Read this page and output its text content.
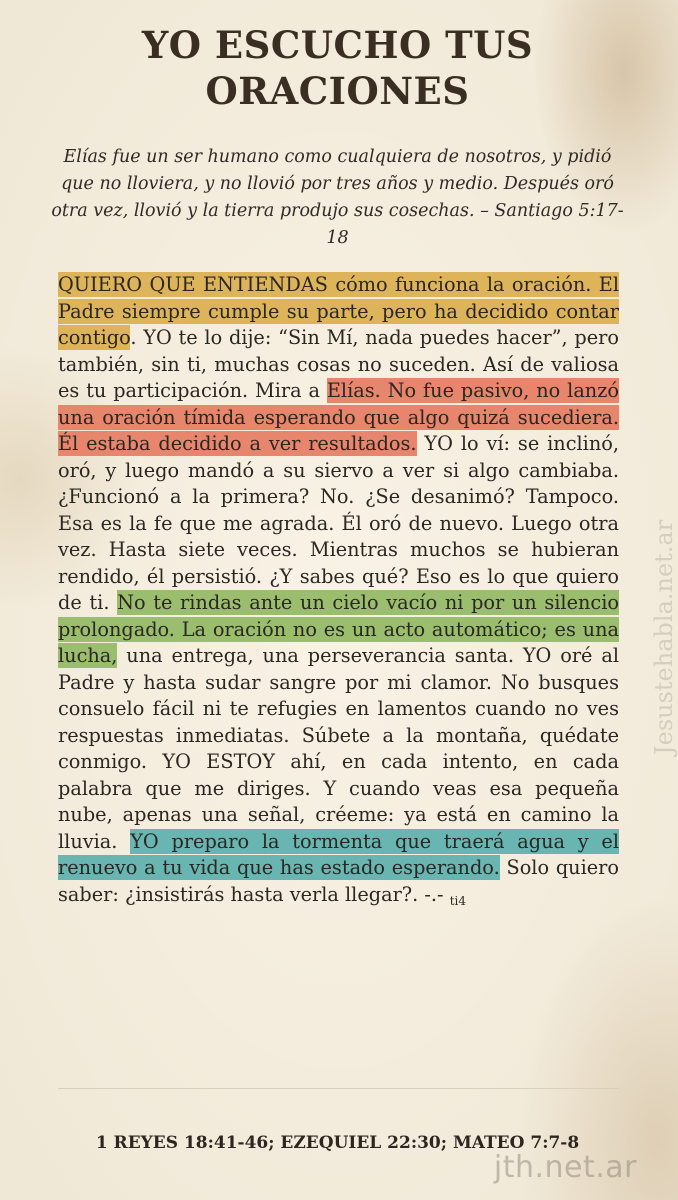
YO ESCUCHO TUS
ORACIONES
Elías fue un ser humano como cualquiera de nosotros, y pidió que no lloviera, y no llovió por tres años y medio. Después oró otra vez, llovió y la tierra produjo sus cosechas. – Santiago 5:17-18
QUIERO QUE ENTIENDAS cómo funciona la oración. El Padre siempre cumple su parte, pero ha decidido contar contigo. YO te lo dije: “Sin Mí, nada puedes hacer”, pero también, sin ti, muchas cosas no suceden. Así de valiosa es tu participación. Mira a Elías. No fue pasivo, no lanzó una oración tímida esperando que algo quizá sucediera. Él estaba decidido a ver resultados. YO lo ví: se inclinó, oró, y luego mandó a su siervo a ver si algo cambiaba. ¿Funcionó a la primera? No. ¿Se desanimó? Tampoco. Esa es la fe que me agrada. Él oró de nuevo. Luego otra vez. Hasta siete veces. Mientras muchos se hubieran rendido, él persistió. ¿Y sabes qué? Eso es lo que quiero de ti. No te rindas ante un cielo vacío ni por un silencio prolongado. La oración no es un acto automático; es una lucha, una entrega, una perseverancia santa. YO oré al Padre y hasta sudar sangre por mi clamor. No busques consuelo fácil ni te refugies en lamentos cuando no ves respuestas inmediatas. Súbete a la montaña, quédate conmigo. YO ESTOY ahí, en cada intento, en cada palabra que me diriges. Y cuando veas esa pequeña nube, apenas una señal, créeme: ya está en camino la lluvia. YO preparo la tormenta que traerá agua y el renuevo a tu vida que has estado esperando. Solo quiero saber: ¿insistirás hasta verla llegar?. -.- $_{ti4}$
1 REYES 18:41-46; EZEQUIEL 22:30; MATEO 7:7-8
Jesustehabla.net.ar
jth.net.ar
